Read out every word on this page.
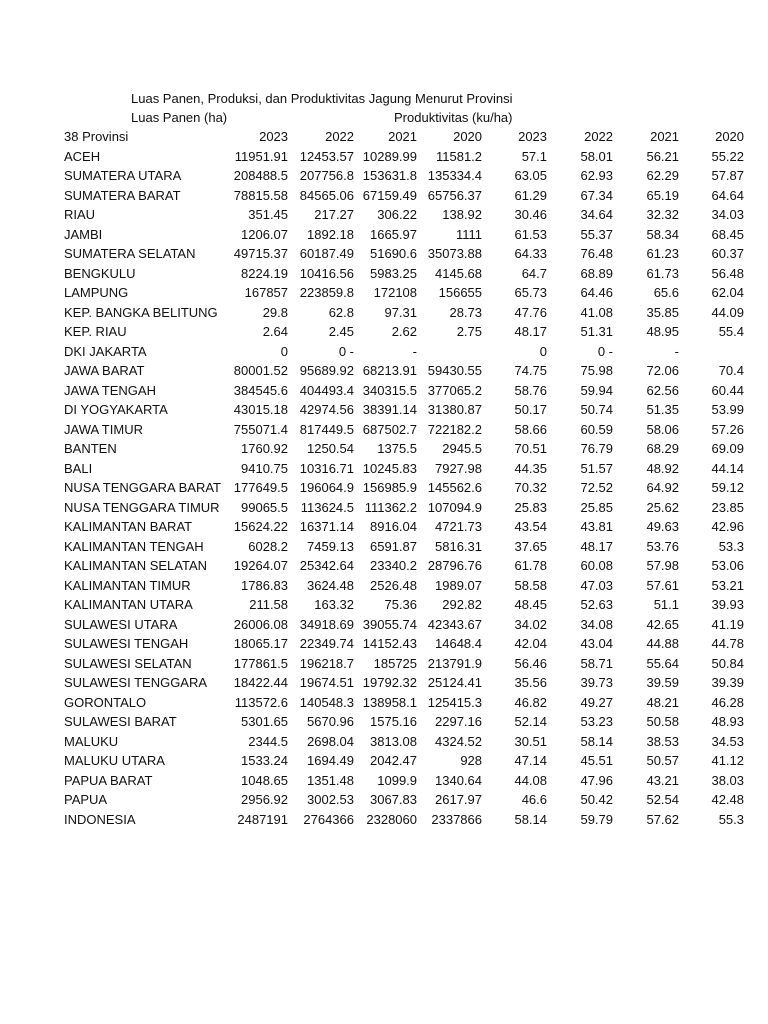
Luas Panen, Produksi, dan Produktivitas Jagung Menurut Provinsi
Luas Panen (ha)	Produktivitas (ku/ha)
38 Provinsi	2023	2022	2021	2020	2023	2022	2021	2020
ACEH	11951.91	12453.57	10289.99	11581.2	57.1	58.01	56.21	55.22
SUMATERA UTARA	208488.5	207756.8	153631.8	135334.4	63.05	62.93	62.29	57.87
SUMATERA BARAT	78815.58	84565.06	67159.49	65756.37	61.29	67.34	65.19	64.64
RIAU	351.45	217.27	306.22	138.92	30.46	34.64	32.32	34.03
JAMBI	1206.07	1892.18	1665.97	1111	61.53	55.37	58.34	68.45
SUMATERA SELATAN	49715.37	60187.49	51690.6	35073.88	64.33	76.48	61.23	60.37
BENGKULU	8224.19	10416.56	5983.25	4145.68	64.7	68.89	61.73	56.48
LAMPUNG	167857	223859.8	172108	156655	65.73	64.46	65.6	62.04
KEP. BANGKA BELITUNG	29.8	62.8	97.31	28.73	47.76	41.08	35.85	44.09
KEP. RIAU	2.64	2.45	2.62	2.75	48.17	51.31	48.95	55.4
DKI JAKARTA	0	0 -	-		0	0 -	-	
JAWA BARAT	80001.52	95689.92	68213.91	59430.55	74.75	75.98	72.06	70.4
JAWA TENGAH	384545.6	404493.4	340315.5	377065.2	58.76	59.94	62.56	60.44
DI YOGYAKARTA	43015.18	42974.56	38391.14	31380.87	50.17	50.74	51.35	53.99
JAWA TIMUR	755071.4	817449.5	687502.7	722182.2	58.66	60.59	58.06	57.26
BANTEN	1760.92	1250.54	1375.5	2945.5	70.51	76.79	68.29	69.09
BALI	9410.75	10316.71	10245.83	7927.98	44.35	51.57	48.92	44.14
NUSA TENGGARA BARAT	177649.5	196064.9	156985.9	145562.6	70.32	72.52	64.92	59.12
NUSA TENGGARA TIMUR	99065.5	113624.5	111362.2	107094.9	25.83	25.85	25.62	23.85
KALIMANTAN BARAT	15624.22	16371.14	8916.04	4721.73	43.54	43.81	49.63	42.96
KALIMANTAN TENGAH	6028.2	7459.13	6591.87	5816.31	37.65	48.17	53.76	53.3
KALIMANTAN SELATAN	19264.07	25342.64	23340.2	28796.76	61.78	60.08	57.98	53.06
KALIMANTAN TIMUR	1786.83	3624.48	2526.48	1989.07	58.58	47.03	57.61	53.21
KALIMANTAN UTARA	211.58	163.32	75.36	292.82	48.45	52.63	51.1	39.93
SULAWESI UTARA	26006.08	34918.69	39055.74	42343.67	34.02	34.08	42.65	41.19
SULAWESI TENGAH	18065.17	22349.74	14152.43	14648.4	42.04	43.04	44.88	44.78
SULAWESI SELATAN	177861.5	196218.7	185725	213791.9	56.46	58.71	55.64	50.84
SULAWESI TENGGARA	18422.44	19674.51	19792.32	25124.41	35.56	39.73	39.59	39.39
GORONTALO	113572.6	140548.3	138958.1	125415.3	46.82	49.27	48.21	46.28
SULAWESI BARAT	5301.65	5670.96	1575.16	2297.16	52.14	53.23	50.58	48.93
MALUKU	2344.5	2698.04	3813.08	4324.52	30.51	58.14	38.53	34.53
MALUKU UTARA	1533.24	1694.49	2042.47	928	47.14	45.51	50.57	41.12
PAPUA BARAT	1048.65	1351.48	1099.9	1340.64	44.08	47.96	43.21	38.03
PAPUA	2956.92	3002.53	3067.83	2617.97	46.6	50.42	52.54	42.48
INDONESIA	2487191	2764366	2328060	2337866	58.14	59.79	57.62	55.3
